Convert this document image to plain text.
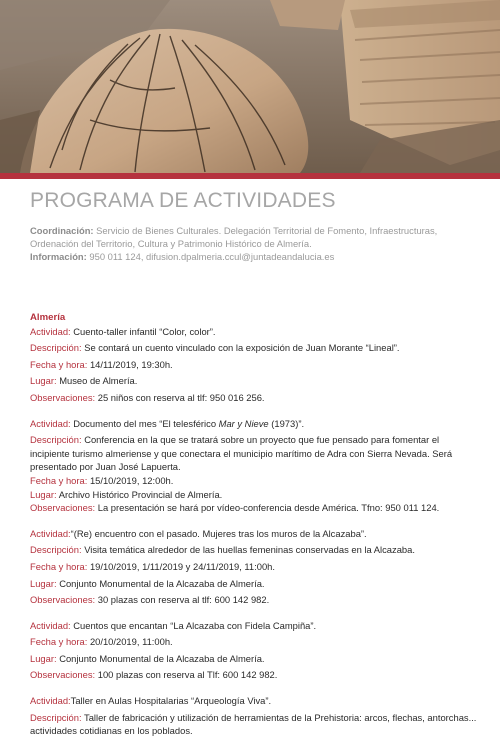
PROGRAMA DE ACTIVIDADES
Coordinación: Servicio de Bienes Culturales. Delegación Territorial de Fomento, Infraestructuras, Ordenación del Territorio, Cultura y Patrimonio Histórico de Almería.
Información: 950 011 124, difusion.dpalmeria.ccul@juntadeandalucia.es
Almería

Actividad: Cuento-taller infantil “Color, color”.

Descripción: Se contará un cuento vinculado con la exposición de Juan Morante “Lineal”.

Fecha y hora: 14/11/2019, 19:30h.

Lugar: Museo de Almería.

Observaciones: 25 niños con reserva al tlf: 950 016 256.

Actividad: Documento del mes “El telesférico Mar y Nieve (1973)”.

Descripción: Conferencia en la que se tratará sobre un proyecto que fue pensado para fomentar el incipiente turismo almeriense y que conectara el municipio marítimo de Adra con Sierra Nevada. Será presentado por Juan José Lapuerta.

Fecha y hora: 15/10/2019, 12:00h.

Lugar: Archivo Histórico Provincial de Almería.

Observaciones: La presentación se hará por vídeo-conferencia desde América. Tfno: 950 011 124.

Actividad:“(Re) encuentro con el pasado. Mujeres tras los muros de la Alcazaba”.

Descripción: Visita temática alrededor de las huellas femeninas conservadas en la Alcazaba.

Fecha y hora: 19/10/2019, 1/11/2019 y 24/11/2019, 11:00h.

Lugar: Conjunto Monumental de la Alcazaba de Almería.

Observaciones: 30 plazas con reserva al tlf: 600 142 982.

Actividad: Cuentos que encantan “La Alcazaba con Fidela Campiña”.

Fecha y hora: 20/10/2019, 11:00h.

Lugar: Conjunto Monumental de la Alcazaba de Almería.

Observaciones: 100 plazas con reserva al Tlf: 600 142 982.

Actividad:Taller en Aulas Hospitalarias “Arqueología Viva”.

Descripción: Taller de fabricación y utilización de herramientas de la Prehistoria: arcos, flechas, antorchas... actividades cotidianas en los poblados.
